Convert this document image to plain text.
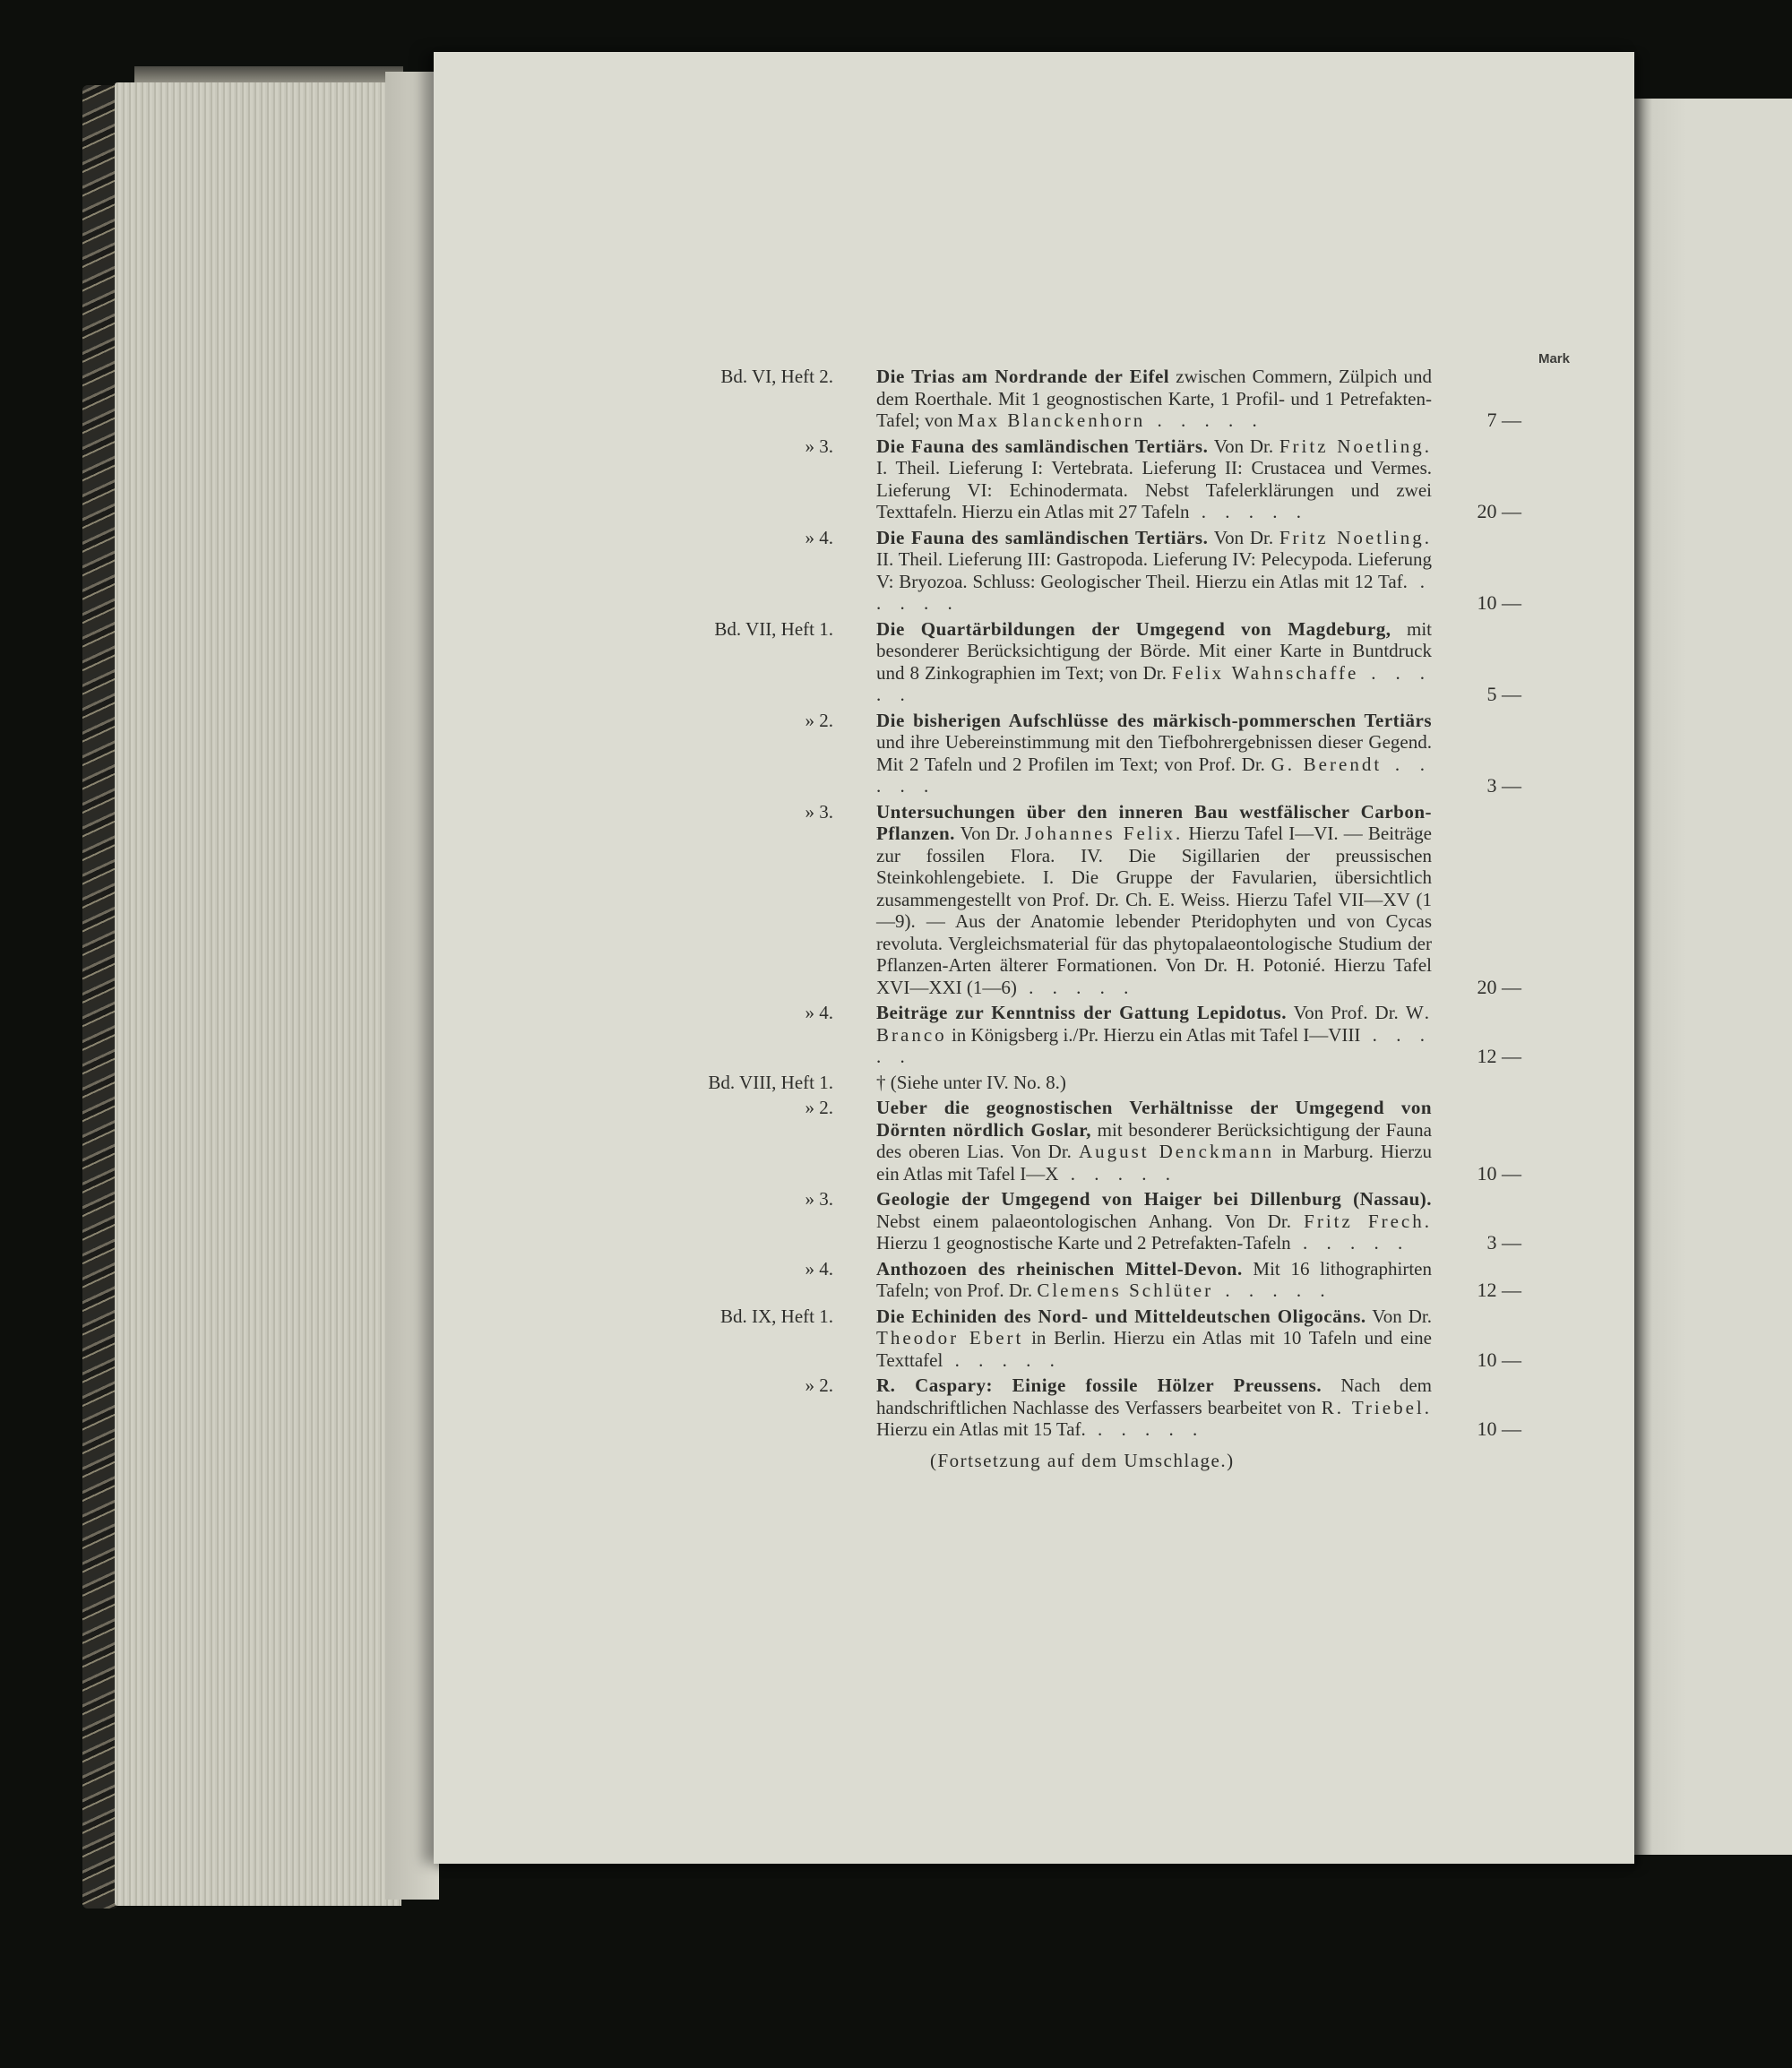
Mark
Bd. VI, Heft 2. Die Trias am Nordrande der Eifel zwischen Commern, Zülpich und dem Roerthale. Mit 1 geognostischen Karte, 1 Profil- und 1 Petrefakten-Tafel; von Max Blanckenhorn . . . . .	7 —
» 3. Die Fauna des samländischen Tertiärs. Von Dr. Fritz Noetling. I. Theil. Lieferung I: Vertebrata. Lieferung II: Crustacea und Vermes. Lieferung VI: Echinodermata. Nebst Tafelerklärungen und zwei Texttafeln. Hierzu ein Atlas mit 27 Tafeln . . . . .	20 —
» 4. Die Fauna des samländischen Tertiärs. Von Dr. Fritz Noetling. II. Theil. Lieferung III: Gastropoda. Lieferung IV: Pelecypoda. Lieferung V: Bryozoa. Schluss: Geologischer Theil. Hierzu ein Atlas mit 12 Taf. . . . . .	10 —
Bd. VII, Heft 1. Die Quartärbildungen der Umgegend von Magdeburg, mit besonderer Berücksichtigung der Börde. Mit einer Karte in Buntdruck und 8 Zinkographien im Text; von Dr. Felix Wahnschaffe . . . . .	5 —
» 2. Die bisherigen Aufschlüsse des märkisch-pommerschen Tertiärs und ihre Uebereinstimmung mit den Tiefbohrergebnissen dieser Gegend. Mit 2 Tafeln und 2 Profilen im Text; von Prof. Dr. G. Berendt . . . . .	3 —
» 3. Untersuchungen über den inneren Bau westfälischer Carbon-Pflanzen. Von Dr. Johannes Felix. Hierzu Tafel I—VI. — Beiträge zur fossilen Flora. IV. Die Sigillarien der preussischen Steinkohlengebiete. I. Die Gruppe der Favularien, übersichtlich zusammengestellt von Prof. Dr. Ch. E. Weiss. Hierzu Tafel VII—XV (1—9). — Aus der Anatomie lebender Pteridophyten und von Cycas revoluta. Vergleichsmaterial für das phytopalaeontologische Studium der Pflanzen-Arten älterer Formationen. Von Dr. H. Potonié. Hierzu Tafel XVI—XXI (1—6) . . . . .	20 —
» 4. Beiträge zur Kenntniss der Gattung Lepidotus. Von Prof. Dr. W. Branco in Königsberg i./Pr. Hierzu ein Atlas mit Tafel I—VIII . . . . .	12 —
Bd. VIII, Heft 1. † (Siehe unter IV. No. 8.)
» 2. Ueber die geognostischen Verhältnisse der Umgegend von Dörnten nördlich Goslar, mit besonderer Berücksichtigung der Fauna des oberen Lias. Von Dr. August Denckmann in Marburg. Hierzu ein Atlas mit Tafel I—X . . . . .	10 —
» 3. Geologie der Umgegend von Haiger bei Dillenburg (Nassau). Nebst einem palaeontologischen Anhang. Von Dr. Fritz Frech. Hierzu 1 geognostische Karte und 2 Petrefakten-Tafeln . . . . .	3 —
» 4. Anthozoen des rheinischen Mittel-Devon. Mit 16 lithographirten Tafeln; von Prof. Dr. Clemens Schlüter . . . . .	12 —
Bd. IX, Heft 1. Die Echiniden des Nord- und Mitteldeutschen Oligocäns. Von Dr. Theodor Ebert in Berlin. Hierzu ein Atlas mit 10 Tafeln und eine Texttafel . . . . .	10 —
» 2. R. Caspary: Einige fossile Hölzer Preussens. Nach dem handschriftlichen Nachlasse des Verfassers bearbeitet von R. Triebel. Hierzu ein Atlas mit 15 Taf. . . . . .	10 —
(Fortsetzung auf dem Umschlage.)
